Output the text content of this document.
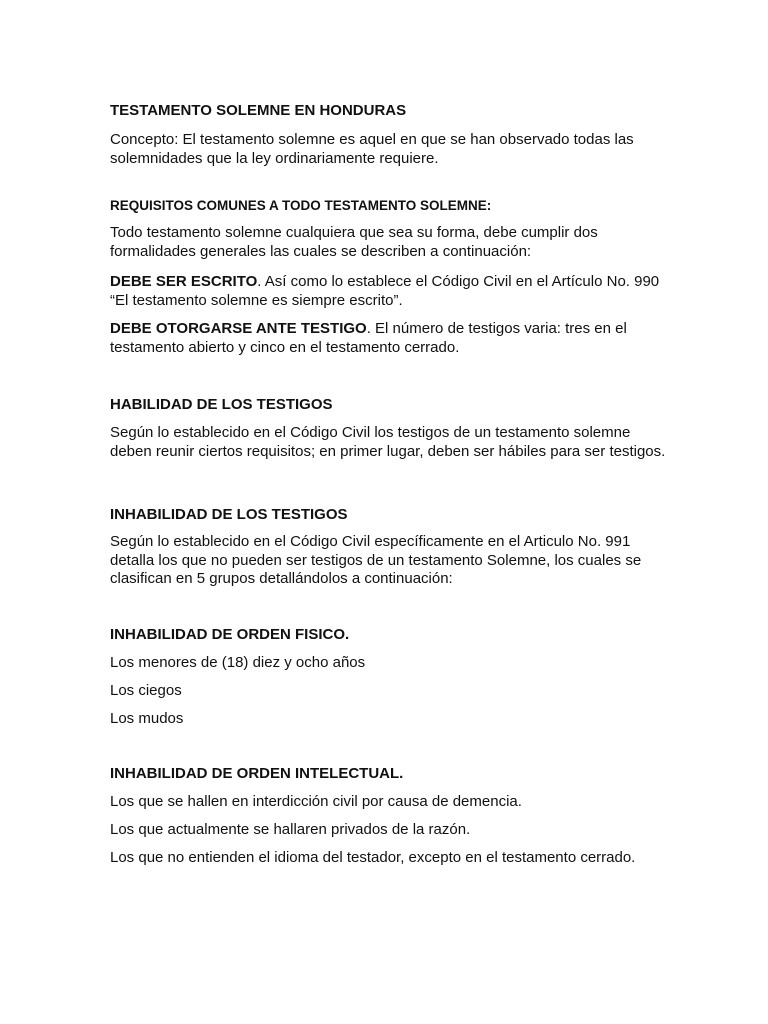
TESTAMENTO SOLEMNE EN HONDURAS

Concepto: El testamento solemne es aquel en que se han observado todas las solemnidades que la ley ordinariamente requiere.

REQUISITOS COMUNES A TODO TESTAMENTO SOLEMNE:

Todo testamento solemne cualquiera que sea su forma, debe cumplir dos formalidades generales las cuales se describen a continuación:

DEBE SER ESCRITO. Así como lo establece el Código Civil en el Artículo No. 990 “El testamento solemne es siempre escrito”.

DEBE OTORGARSE ANTE TESTIGO. El número de testigos varia: tres en el testamento abierto y cinco en el testamento cerrado.

HABILIDAD DE LOS TESTIGOS

Según lo establecido en el Código Civil los testigos de un testamento solemne deben reunir ciertos requisitos; en primer lugar, deben ser hábiles para ser testigos.

INHABILIDAD DE LOS TESTIGOS

Según lo establecido en el Código Civil específicamente en el Articulo No. 991 detalla los que no pueden ser testigos de un testamento Solemne, los cuales se clasifican en 5 grupos detallándolos a continuación:

INHABILIDAD DE ORDEN FISICO.

Los menores de (18) diez y ocho años

Los ciegos

Los mudos

INHABILIDAD DE ORDEN INTELECTUAL.

Los que se hallen en interdicción civil por causa de demencia.

Los que actualmente se hallaren privados de la razón.

Los que no entienden el idioma del testador, excepto en el testamento cerrado.
